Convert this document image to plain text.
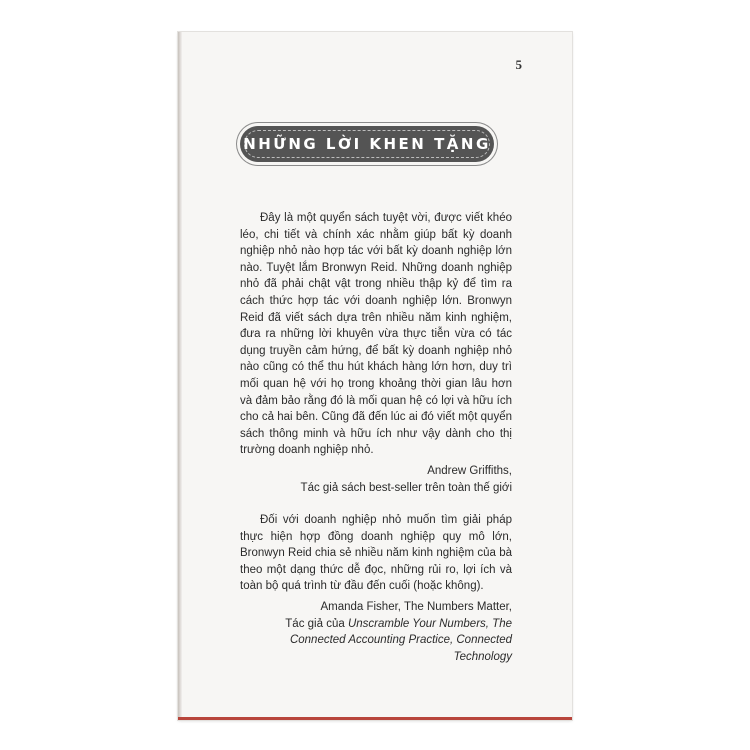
5
NHỮNG LỜI KHEN TẶNG

Đây là một quyển sách tuyệt vời, được viết khéo léo, chi tiết và chính xác nhằm giúp bất kỳ doanh nghiệp nhỏ nào hợp tác với bất kỳ doanh nghiệp lớn nào. Tuyệt lắm Bronwyn Reid. Những doanh nghiệp nhỏ đã phải chật vật trong nhiều thập kỷ để tìm ra cách thức hợp tác với doanh nghiệp lớn. Bronwyn Reid đã viết sách dựa trên nhiều năm kinh nghiệm, đưa ra những lời khuyên vừa thực tiễn vừa có tác dụng truyền cảm hứng, để bất kỳ doanh nghiệp nhỏ nào cũng có thể thu hút khách hàng lớn hơn, duy trì mối quan hệ với họ trong khoảng thời gian lâu hơn và đảm bảo rằng đó là mối quan hệ có lợi và hữu ích cho cả hai bên. Cũng đã đến lúc ai đó viết một quyển sách thông minh và hữu ích như vậy dành cho thị trường doanh nghiệp nhỏ.

Andrew Griffiths,

Tác giả sách best-seller trên toàn thế giới

Đối với doanh nghiệp nhỏ muốn tìm giải pháp thực hiện hợp đồng doanh nghiệp quy mô lớn, Bronwyn Reid chia sẻ nhiều năm kinh nghiệm của bà theo một dạng thức dễ đọc, những rủi ro, lợi ích và toàn bộ quá trình từ đầu đến cuối (hoặc không).

Amanda Fisher, The Numbers Matter,

Tác giả của Unscramble Your Numbers, The Connected Accounting Practice, Connected Technology
